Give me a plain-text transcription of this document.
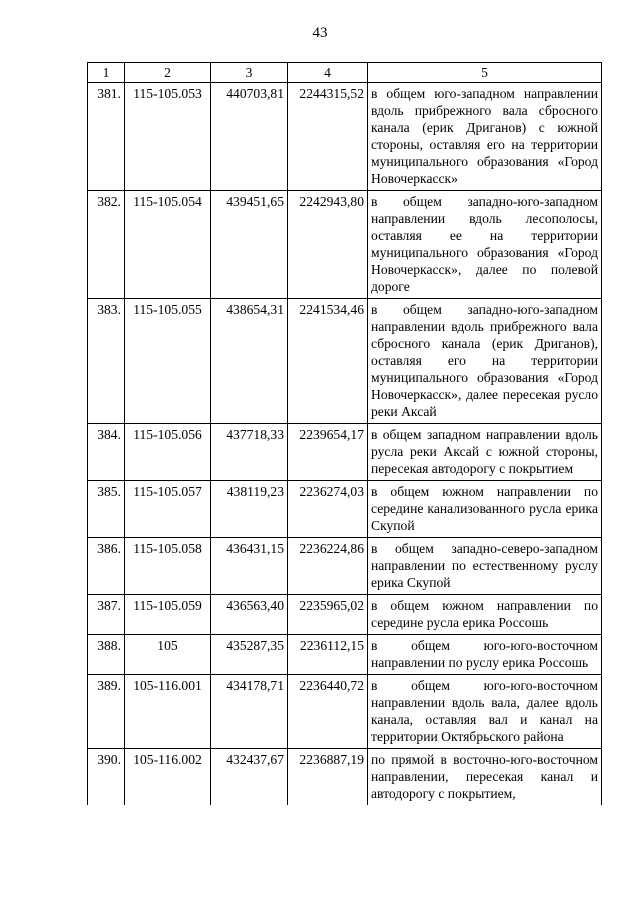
43
1	2	3	4	5
381.	115-105.053	440703,81	2244315,52	в общем юго-западном направлении вдоль прибрежного вала сбросного канала (ерик Дриганов) с южной стороны, оставляя его на территории муниципального образования «Город Новочеркасск»
382.	115-105.054	439451,65	2242943,80	в общем западно-юго-западном направлении вдоль лесополосы, оставляя ее на территории муниципального образования «Город Новочеркасск», далее по полевой дороге
383.	115-105.055	438654,31	2241534,46	в общем западно-юго-западном направлении вдоль прибрежного вала сбросного канала (ерик Дриганов), оставляя его на территории муниципального образования «Город Новочеркасск», далее пересекая русло реки Аксай
384.	115-105.056	437718,33	2239654,17	в общем западном направлении вдоль русла реки Аксай с южной стороны, пересекая автодорогу с покрытием
385.	115-105.057	438119,23	2236274,03	в общем южном направлении по середине канализованного русла ерика Скупой
386.	115-105.058	436431,15	2236224,86	в общем западно-северо-западном направлении по естественному руслу ерика Скупой
387.	115-105.059	436563,40	2235965,02	в общем южном направлении по середине русла ерика Россошь
388.	105	435287,35	2236112,15	в общем юго-юго-восточном направлении по руслу ерика Россошь
389.	105-116.001	434178,71	2236440,72	в общем юго-юго-восточном направлении вдоль вала, далее вдоль канала, оставляя вал и канал на территории Октябрьского района
390.	105-116.002	432437,67	2236887,19	по прямой в восточно-юго-восточном направлении, пересекая канал и автодорогу с покрытием,
